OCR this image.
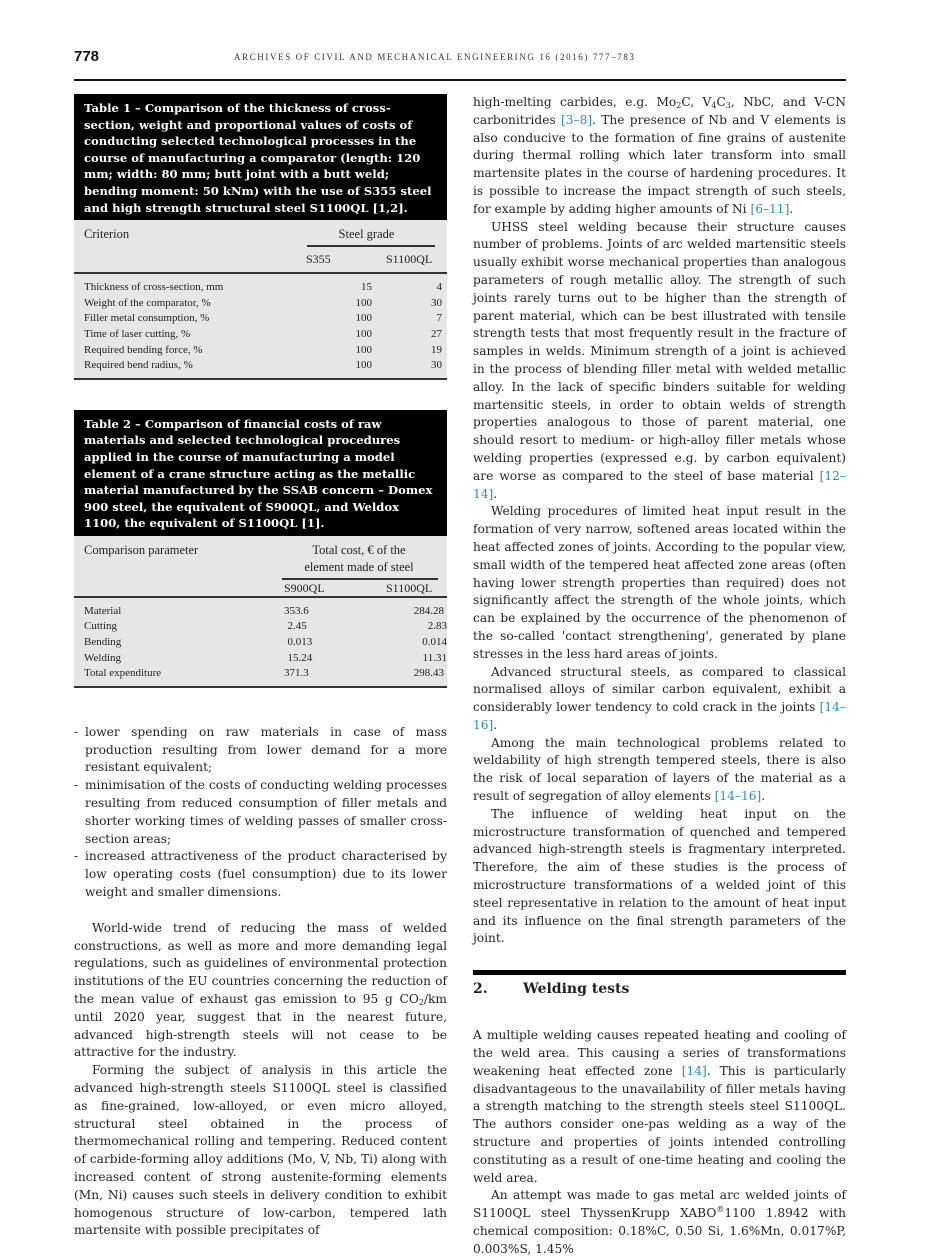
778	ARCHIVES OF CIVIL AND MECHANICAL ENGINEERING 16 (2016) 777–783
Table 1 – Comparison of the thickness of cross-section, weight and proportional values of costs of conducting selected technological processes in the course of manufacturing a comparator (length: 120 mm; width: 80 mm; butt joint with a butt weld; bending moment: 50 kNm) with the use of S355 steel and high strength structural steel S1100QL [1,2].
Criterion	Steel grade
S355	S1100QL
Thickness of cross-section, mm	15	4
Weight of the comparator, %	100	30
Filler metal consumption, %	100	7
Time of laser cutting, %	100	27
Required bending force, %	100	19
Required bend radius, %	100	30
Table 2 – Comparison of financial costs of raw materials and selected technological procedures applied in the course of manufacturing a model element of a crane structure acting as the metallic material manufactured by the SSAB concern – Domex 900 steel, the equivalent of S900QL, and Weldox 1100, the equivalent of S1100QL [1].
Comparison parameter	Total cost, € of the
element made of steel
S900QL	S1100QL
Material	353.6	284.28
Cutting	2.45	2.83
Bending	0.013	0.014
Welding	15.24	11.31
Total expenditure	371.3	298.43
- lower spending on raw materials in case of mass production resulting from lower demand for a more resistant equivalent;
- minimisation of the costs of conducting welding processes resulting from reduced consumption of filler metals and shorter working times of welding passes of smaller cross-section areas;
- increased attractiveness of the product characterised by low operating costs (fuel consumption) due to its lower weight and smaller dimensions.

World-wide trend of reducing the mass of welded constructions, as well as more and more demanding legal regulations, such as guidelines of environmental protection institutions of the EU countries concerning the reduction of the mean value of exhaust gas emission to 95 g $CO_2/km$ until 2020 year, suggest that in the nearest future, advanced high-strength steels will not cease to be attractive for the industry.

Forming the subject of analysis in this article the advanced high-strength steels S1100QL steel is classified as fine-grained, low-alloyed, or even micro alloyed, structural steel obtained in the process of thermomechanical rolling and tempering. Reduced content of carbide-forming alloy additions (Mo, V, Nb, Ti) along with increased content of strong austenite-forming elements (Mn, Ni) causes such steels in delivery condition to exhibit homogenous structure of low-carbon, tempered lath martensite with possible precipitates of

high-melting carbides, e.g. $Mo_2C$, $V_4C_3$, NbC, and V-CN carbonitrides [3–8]. The presence of Nb and V elements is also conducive to the formation of fine grains of austenite during thermal rolling which later transform into small martensite plates in the course of hardening procedures. It is possible to increase the impact strength of such steels, for example by adding higher amounts of Ni [6–11].

UHSS steel welding because their structure causes number of problems. Joints of arc welded martensitic steels usually exhibit worse mechanical properties than analogous parameters of rough metallic alloy. The strength of such joints rarely turns out to be higher than the strength of parent material, which can be best illustrated with tensile strength tests that most frequently result in the fracture of samples in welds. Minimum strength of a joint is achieved in the process of blending filler metal with welded metallic alloy. In the lack of specific binders suitable for welding martensitic steels, in order to obtain welds of strength properties analogous to those of parent material, one should resort to medium- or high-alloy filler metals whose welding properties (expressed e.g. by carbon equivalent) are worse as compared to the steel of base material [12–14].

Welding procedures of limited heat input result in the formation of very narrow, softened areas located within the heat affected zones of joints. According to the popular view, small width of the tempered heat affected zone areas (often having lower strength properties than required) does not significantly affect the strength of the whole joints, which can be explained by the occurrence of the phenomenon of the so-called 'contact strengthening', generated by plane stresses in the less hard areas of joints.

Advanced structural steels, as compared to classical normalised alloys of similar carbon equivalent, exhibit a considerably lower tendency to cold crack in the joints [14–16].

Among the main technological problems related to weldability of high strength tempered steels, there is also the risk of local separation of layers of the material as a result of segregation of alloy elements [14–16].

The influence of welding heat input on the microstructure transformation of quenched and tempered advanced high-strength steels is fragmentary interpreted. Therefore, the aim of these studies is the process of microstructure transformations of a welded joint of this steel representative in relation to the amount of heat input and its influence on the final strength parameters of the joint.

2.	Welding tests

A multiple welding causes repeated heating and cooling of the weld area. This causing a series of transformations weakening heat effected zone [14]. This is particularly disadvantageous to the unavailability of filler metals having a strength matching to the strength steels steel S1100QL. The authors consider one-pas welding as a way of the structure and properties of joints intended controlling constituting as a result of one-time heating and cooling the weld area.

An attempt was made to gas metal arc welded joints of S1100QL steel ThyssenKrupp XABO®1100 1.8942 with chemical composition: 0.18%C, 0.50 Si, 1.6%Mn, 0.017%P, 0.003%S, 1.45%
